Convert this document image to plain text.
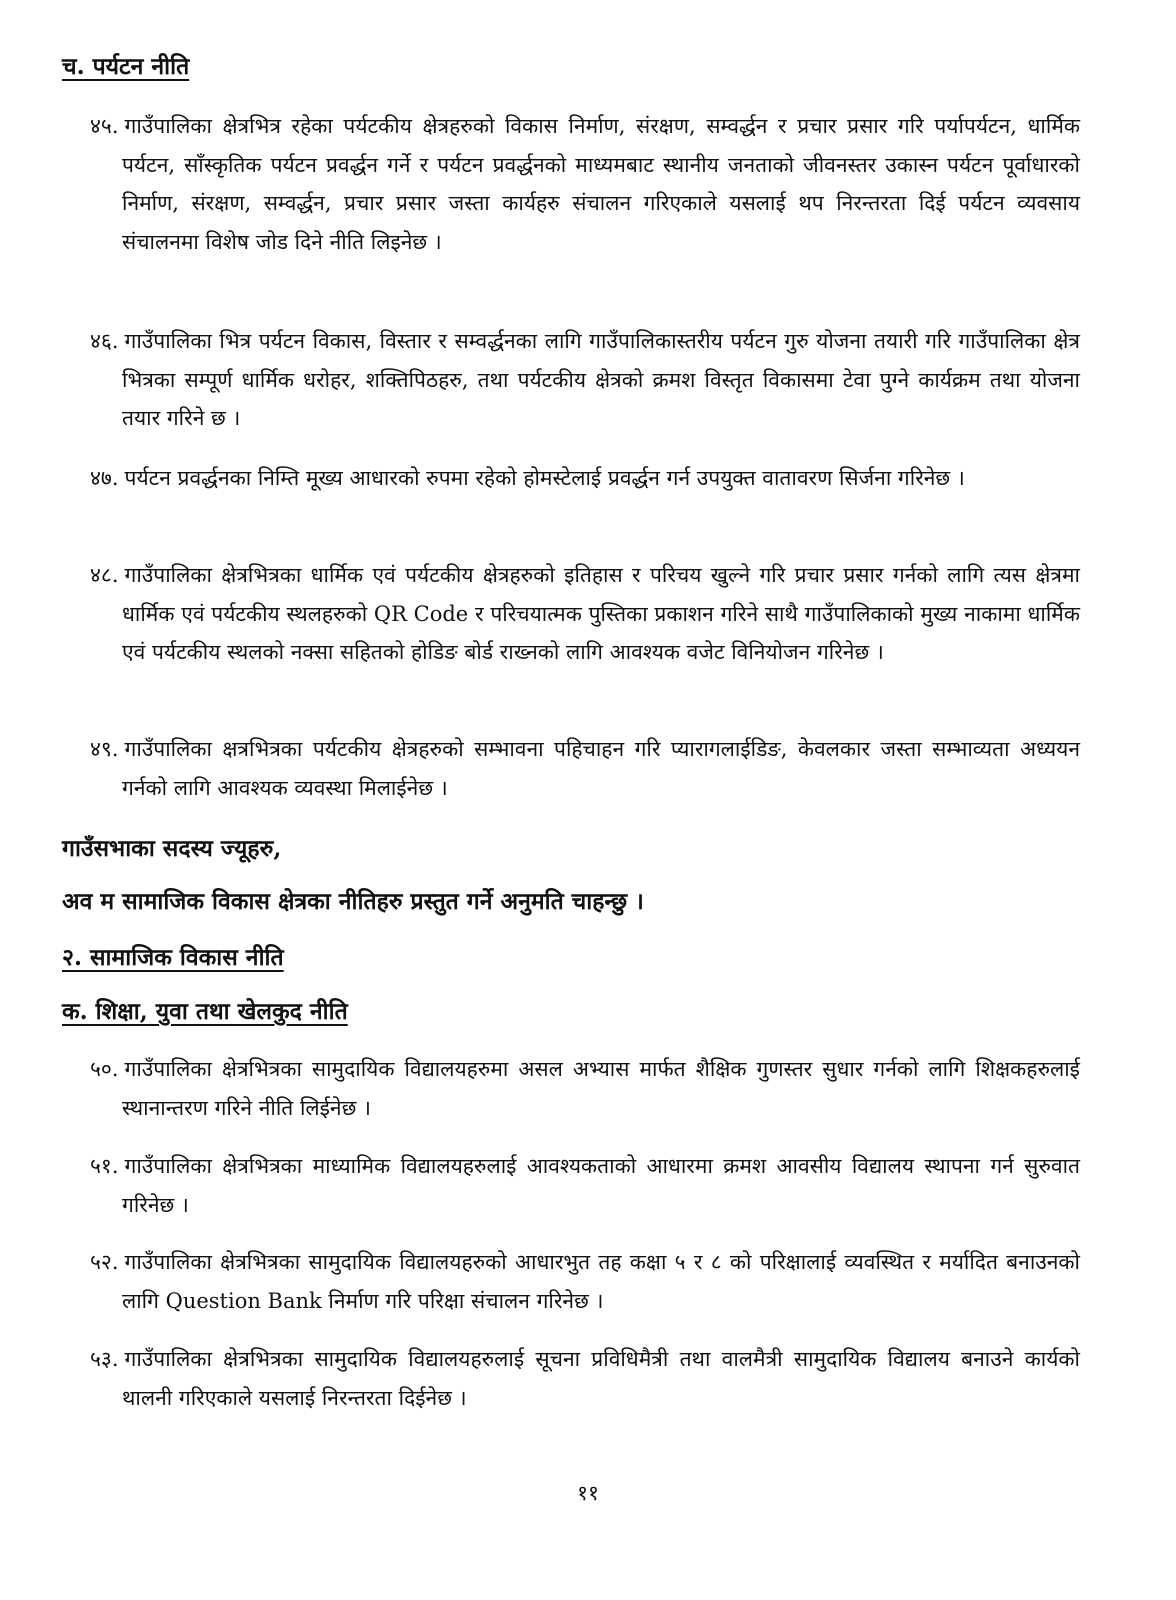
च. पर्यटन नीति

४५. गाउँपालिका क्षेत्रभित्र रहेका पर्यटकीय क्षेत्रहरुको विकास निर्माण, संरक्षण, सम्वर्द्धन र प्रचार प्रसार गरि पर्यापर्यटन, धार्मिक पर्यटन, साँस्कृतिक पर्यटन प्रवर्द्धन गर्ने र पर्यटन प्रवर्द्धनको माध्यमबाट स्थानीय जनताको जीवनस्तर उकास्न पर्यटन पूर्वाधारको निर्माण, संरक्षण, सम्वर्द्धन, प्रचार प्रसार जस्ता कार्यहरु संचालन गरिएकाले यसलाई थप निरन्तरता दिई पर्यटन व्यवसाय संचालनमा विशेष जोड दिने नीति लिइनेछ ।

४६. गाउँपालिका भित्र पर्यटन विकास, विस्तार र सम्वर्द्धनका लागि गाउँपालिकास्तरीय पर्यटन गुरु योजना तयारी गरि गाउँपालिका क्षेत्र भित्रका सम्पूर्ण धार्मिक धरोहर, शक्तिपिठहरु, तथा पर्यटकीय क्षेत्रको क्रमश विस्तृत विकासमा टेवा पुग्ने कार्यक्रम तथा योजना तयार गरिने छ ।

४७. पर्यटन प्रवर्द्धनका निम्ति मूख्य आधारको रुपमा रहेको होमस्टेलाई प्रवर्द्धन गर्न उपयुक्त वातावरण सिर्जना गरिनेछ ।

४८. गाउँपालिका क्षेत्रभित्रका धार्मिक एवं पर्यटकीय क्षेत्रहरुको इतिहास र परिचय खुल्ने गरि प्रचार प्रसार गर्नको लागि त्यस क्षेत्रमा धार्मिक एवं पर्यटकीय स्थलहरुको QR Code र परिचयात्मक पुस्तिका प्रकाशन गरिने साथै गाउँपालिकाको मुख्य नाकामा धार्मिक एवं पर्यटकीय स्थलको नक्सा सहितको होडिङ बोर्ड राख्नको लागि आवश्यक वजेट विनियोजन गरिनेछ ।

४९. गाउँपालिका क्षत्रभित्रका पर्यटकीय क्षेत्रहरुको सम्भावना पहिचाहन गरि प्यारागलाईडिङ, केवलकार जस्ता सम्भाव्यता अध्ययन गर्नको लागि आवश्यक व्यवस्था मिलाईनेछ ।

गाउँसभाका सदस्य ज्यूहरु,

अव म सामाजिक विकास क्षेत्रका नीतिहरु प्रस्तुत गर्ने अनुमति चाहन्छु ।

२. सामाजिक विकास नीति
क. शिक्षा, युवा तथा खेलकुद नीति

५०. गाउँपालिका क्षेत्रभित्रका सामुदायिक विद्यालयहरुमा असल अभ्यास मार्फत शैक्षिक गुणस्तर सुधार गर्नको लागि शिक्षकहरुलाई स्थानान्तरण गरिने नीति लिईनेछ ।

५१. गाउँपालिका क्षेत्रभित्रका माध्यामिक विद्यालयहरुलाई आवश्यकताको आधारमा क्रमश आवसीय विद्यालय स्थापना गर्न सुरुवात गरिनेछ ।

५२. गाउँपालिका क्षेत्रभित्रका सामुदायिक विद्यालयहरुको आधारभुत तह कक्षा ५ र ८ को परिक्षालाई व्यवस्थित र मर्यादित बनाउनको लागि Question Bank निर्माण गरि परिक्षा संचालन गरिनेछ ।

५३. गाउँपालिका क्षेत्रभित्रका सामुदायिक विद्यालयहरुलाई सूचना प्रविधिमैत्री तथा वालमैत्री सामुदायिक विद्यालय बनाउने कार्यको थालनी गरिएकाले यसलाई निरन्तरता दिईनेछ ।

११
